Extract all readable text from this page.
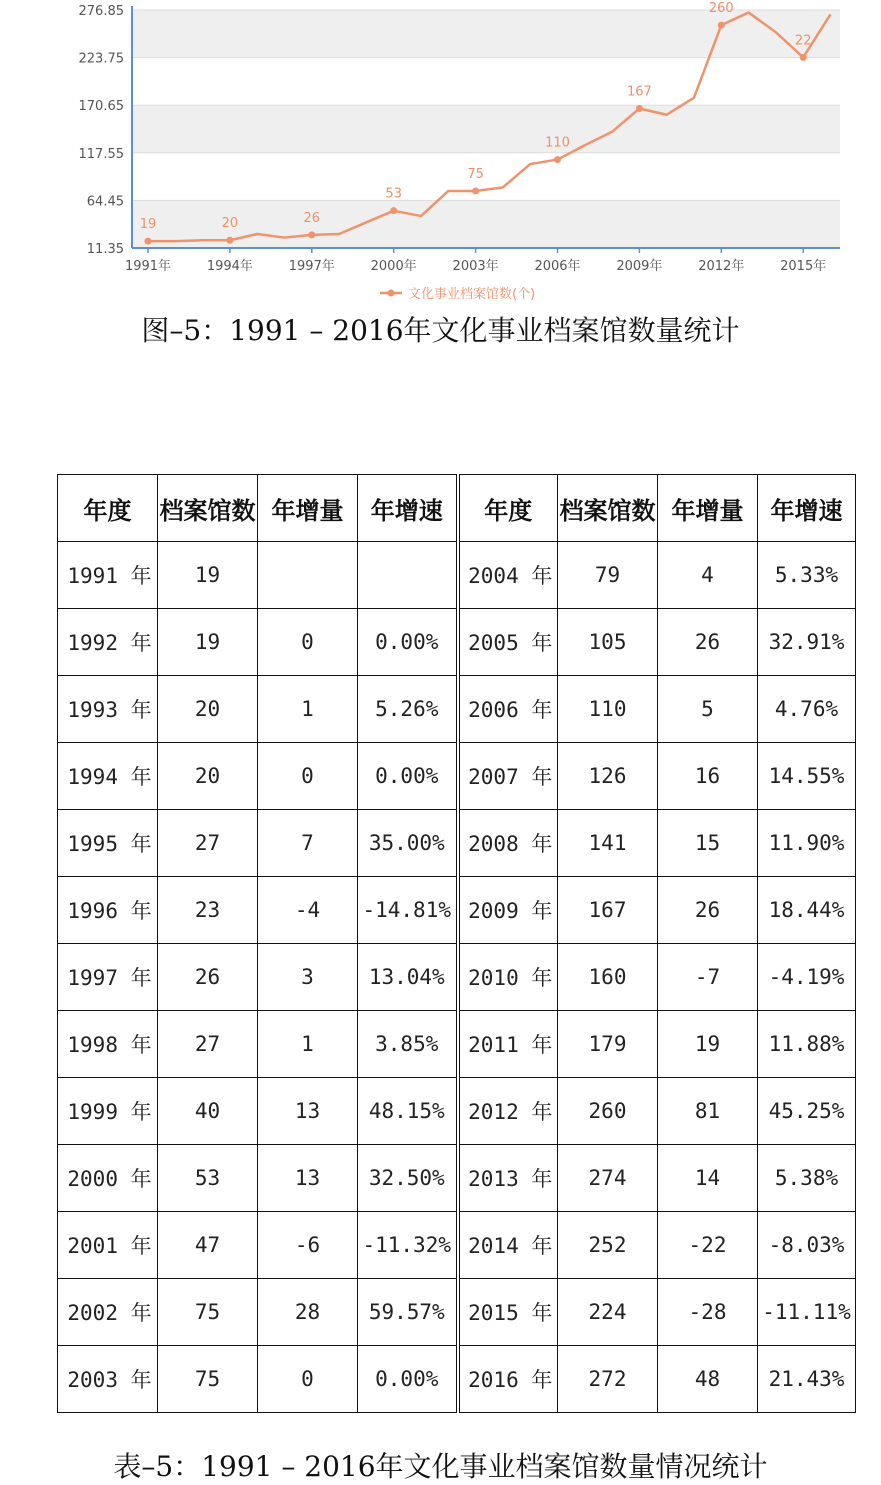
276.85
223.75
170.65
117.55
64.45
11.35
1991年	1994年	1997年	2000年	2003年	2006年	2009年	2012年	2015年
19	20	26
53
75
110
167
260
22
文化事业档案馆数(个)
图–5：1991 – 2016年文化事业档案馆数量统计
年度	档案馆数	年增量	年增速	年度	档案馆数	年增量	年增速
1991 年	19			2004 年	79	4	5.33%
1992 年	19	0	0.00%	2005 年	105	26	32.91%
1993 年	20	1	5.26%	2006 年	110	5	4.76%
1994 年	20	0	0.00%	2007 年	126	16	14.55%
1995 年	27	7	35.00%	2008 年	141	15	11.90%
1996 年	23	-4	-14.81%	2009 年	167	26	18.44%
1997 年	26	3	13.04%	2010 年	160	-7	-4.19%
1998 年	27	1	3.85%	2011 年	179	19	11.88%
1999 年	40	13	48.15%	2012 年	260	81	45.25%
2000 年	53	13	32.50%	2013 年	274	14	5.38%
2001 年	47	-6	-11.32%	2014 年	252	-22	-8.03%
2002 年	75	28	59.57%	2015 年	224	-28	-11.11%
2003 年	75	0	0.00%	2016 年	272	48	21.43%
表–5：1991 – 2016年文化事业档案馆数量情况统计
